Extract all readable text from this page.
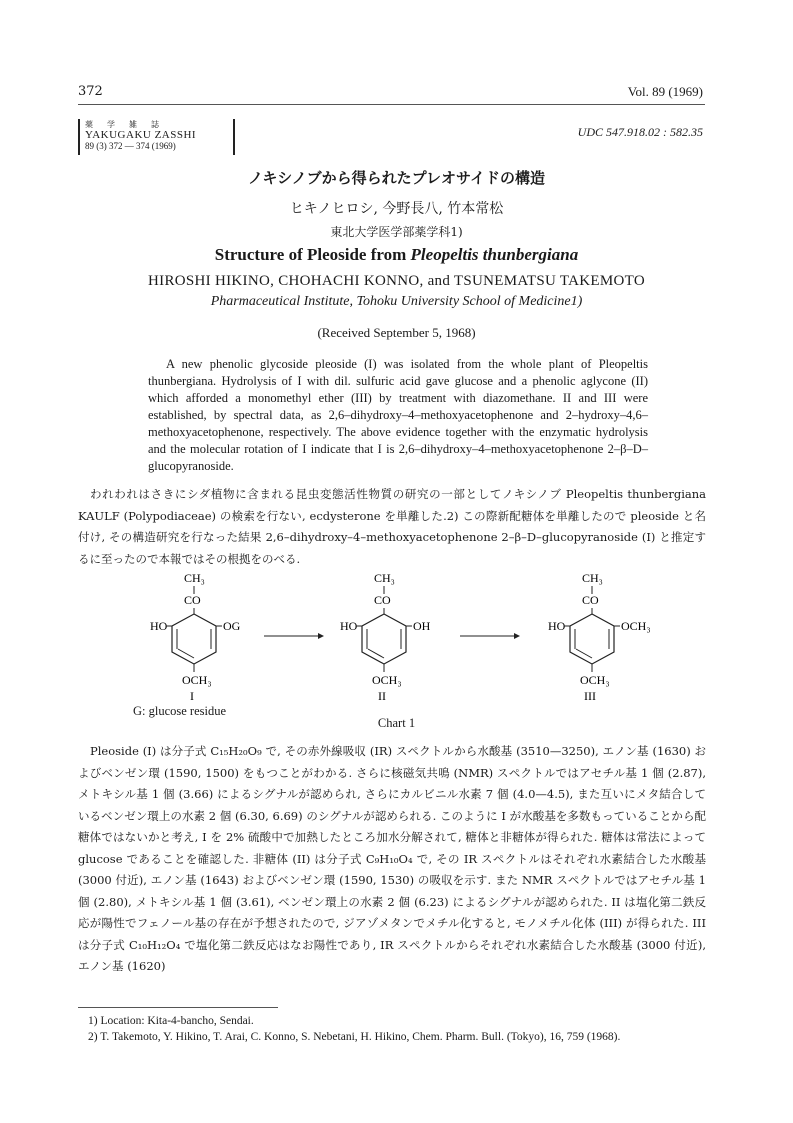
372	Vol. 89 (1969)
薬学雑誌
YAKUGAKU ZASSHI
89 (3) 372 — 374 (1969)
UDC 547.918.02 : 582.35
ノキシノブから得られたプレオサイドの構造
ヒキノヒロシ, 今野長八, 竹本常松
東北大学医学部薬学科1)
Structure of Pleoside from Pleopeltis thunbergiana
HIROSHI HIKINO, CHOHACHI KONNO, and TSUNEMATSU TAKEMOTO
Pharmaceutical Institute, Tohoku University School of Medicine1)
(Received September 5, 1968)

A new phenolic glycoside pleoside (I) was isolated from the whole plant of Pleopeltis thunbergiana. Hydrolysis of I with dil. sulfuric acid gave glucose and a phenolic aglycone (II) which afforded a monomethyl ether (III) by treatment with diazomethane. II and III were established, by spectral data, as 2,6–dihydroxy–4–methoxyacetophenone and 2–hydroxy–4,6–methoxyacetophenone, respectively. The above evidence together with the enzymatic hydrolysis and the molecular rotation of I indicate that I is 2,6–dihydroxy–4–methoxyacetophenone 2–β–D–glucopyranoside.

われわれはさきにシダ植物に含まれる昆虫変態活性物質の研究の一部としてノキシノブ Pleopeltis thunbergiana KAULF (Polypodiaceae) の検索を行ない, ecdysterone を単離した.2) この際新配糖体を単離したので pleoside と名付け, その構造研究を行なった結果 2,6–dihydroxy–4–methoxyacetophenone 2–β–D–glucopyranoside (I) と推定するに至ったので本報ではその根拠をのべる.

CH₃
CO
HO	OG
OCH₃
I
CH₃
CO
HO	OH
OCH₃
II
CH₃
CO
HO	OCH₃
OCH₃
III
G: glucose residue
Chart 1

Pleoside (I) は分子式 C₁₅H₂₀O₉ で, その赤外線吸収 (IR) スペクトルから水酸基 (3510—3250), エノン基 (1630) およびベンゼン環 (1590, 1500) をもつことがわかる. さらに核磁気共鳴 (NMR) スペクトルではアセチル基 1 個 (2.87), メトキシル基 1 個 (3.66) によるシグナルが認められ, さらにカルビニル水素 7 個 (4.0—4.5), また互いにメタ結合しているベンゼン環上の水素 2 個 (6.30, 6.69) のシグナルが認められる. このように I が水酸基を多数もっていることから配糖体ではないかと考え, I を 2% 硫酸中で加熱したところ加水分解されて, 糖体と非糖体が得られた. 糖体は常法によって glucose であることを確認した. 非糖体 (II) は分子式 C₉H₁₀O₄ で, その IR スペクトルはそれぞれ水素結合した水酸基 (3000 付近), エノン基 (1643) およびベンゼン環 (1590, 1530) の吸収を示す. また NMR スペクトルではアセチル基 1 個 (2.80), メトキシル基 1 個 (3.61), ベンゼン環上の水素 2 個 (6.23) によるシグナルが認められた. II は塩化第二鉄反応が陽性でフェノール基の存在が予想されたので, ジアゾメタンでメチル化すると, モノメチル化体 (III) が得られた. III は分子式 C₁₀H₁₂O₄ で塩化第二鉄反応はなお陽性であり, IR スペクトルからそれぞれ水素結合した水酸基 (3000 付近), エノン基 (1620)

1) Location: Kita-4-bancho, Sendai.
2) T. Takemoto, Y. Hikino, T. Arai, C. Konno, S. Nebetani, H. Hikino, Chem. Pharm. Bull. (Tokyo), 16, 759 (1968).
